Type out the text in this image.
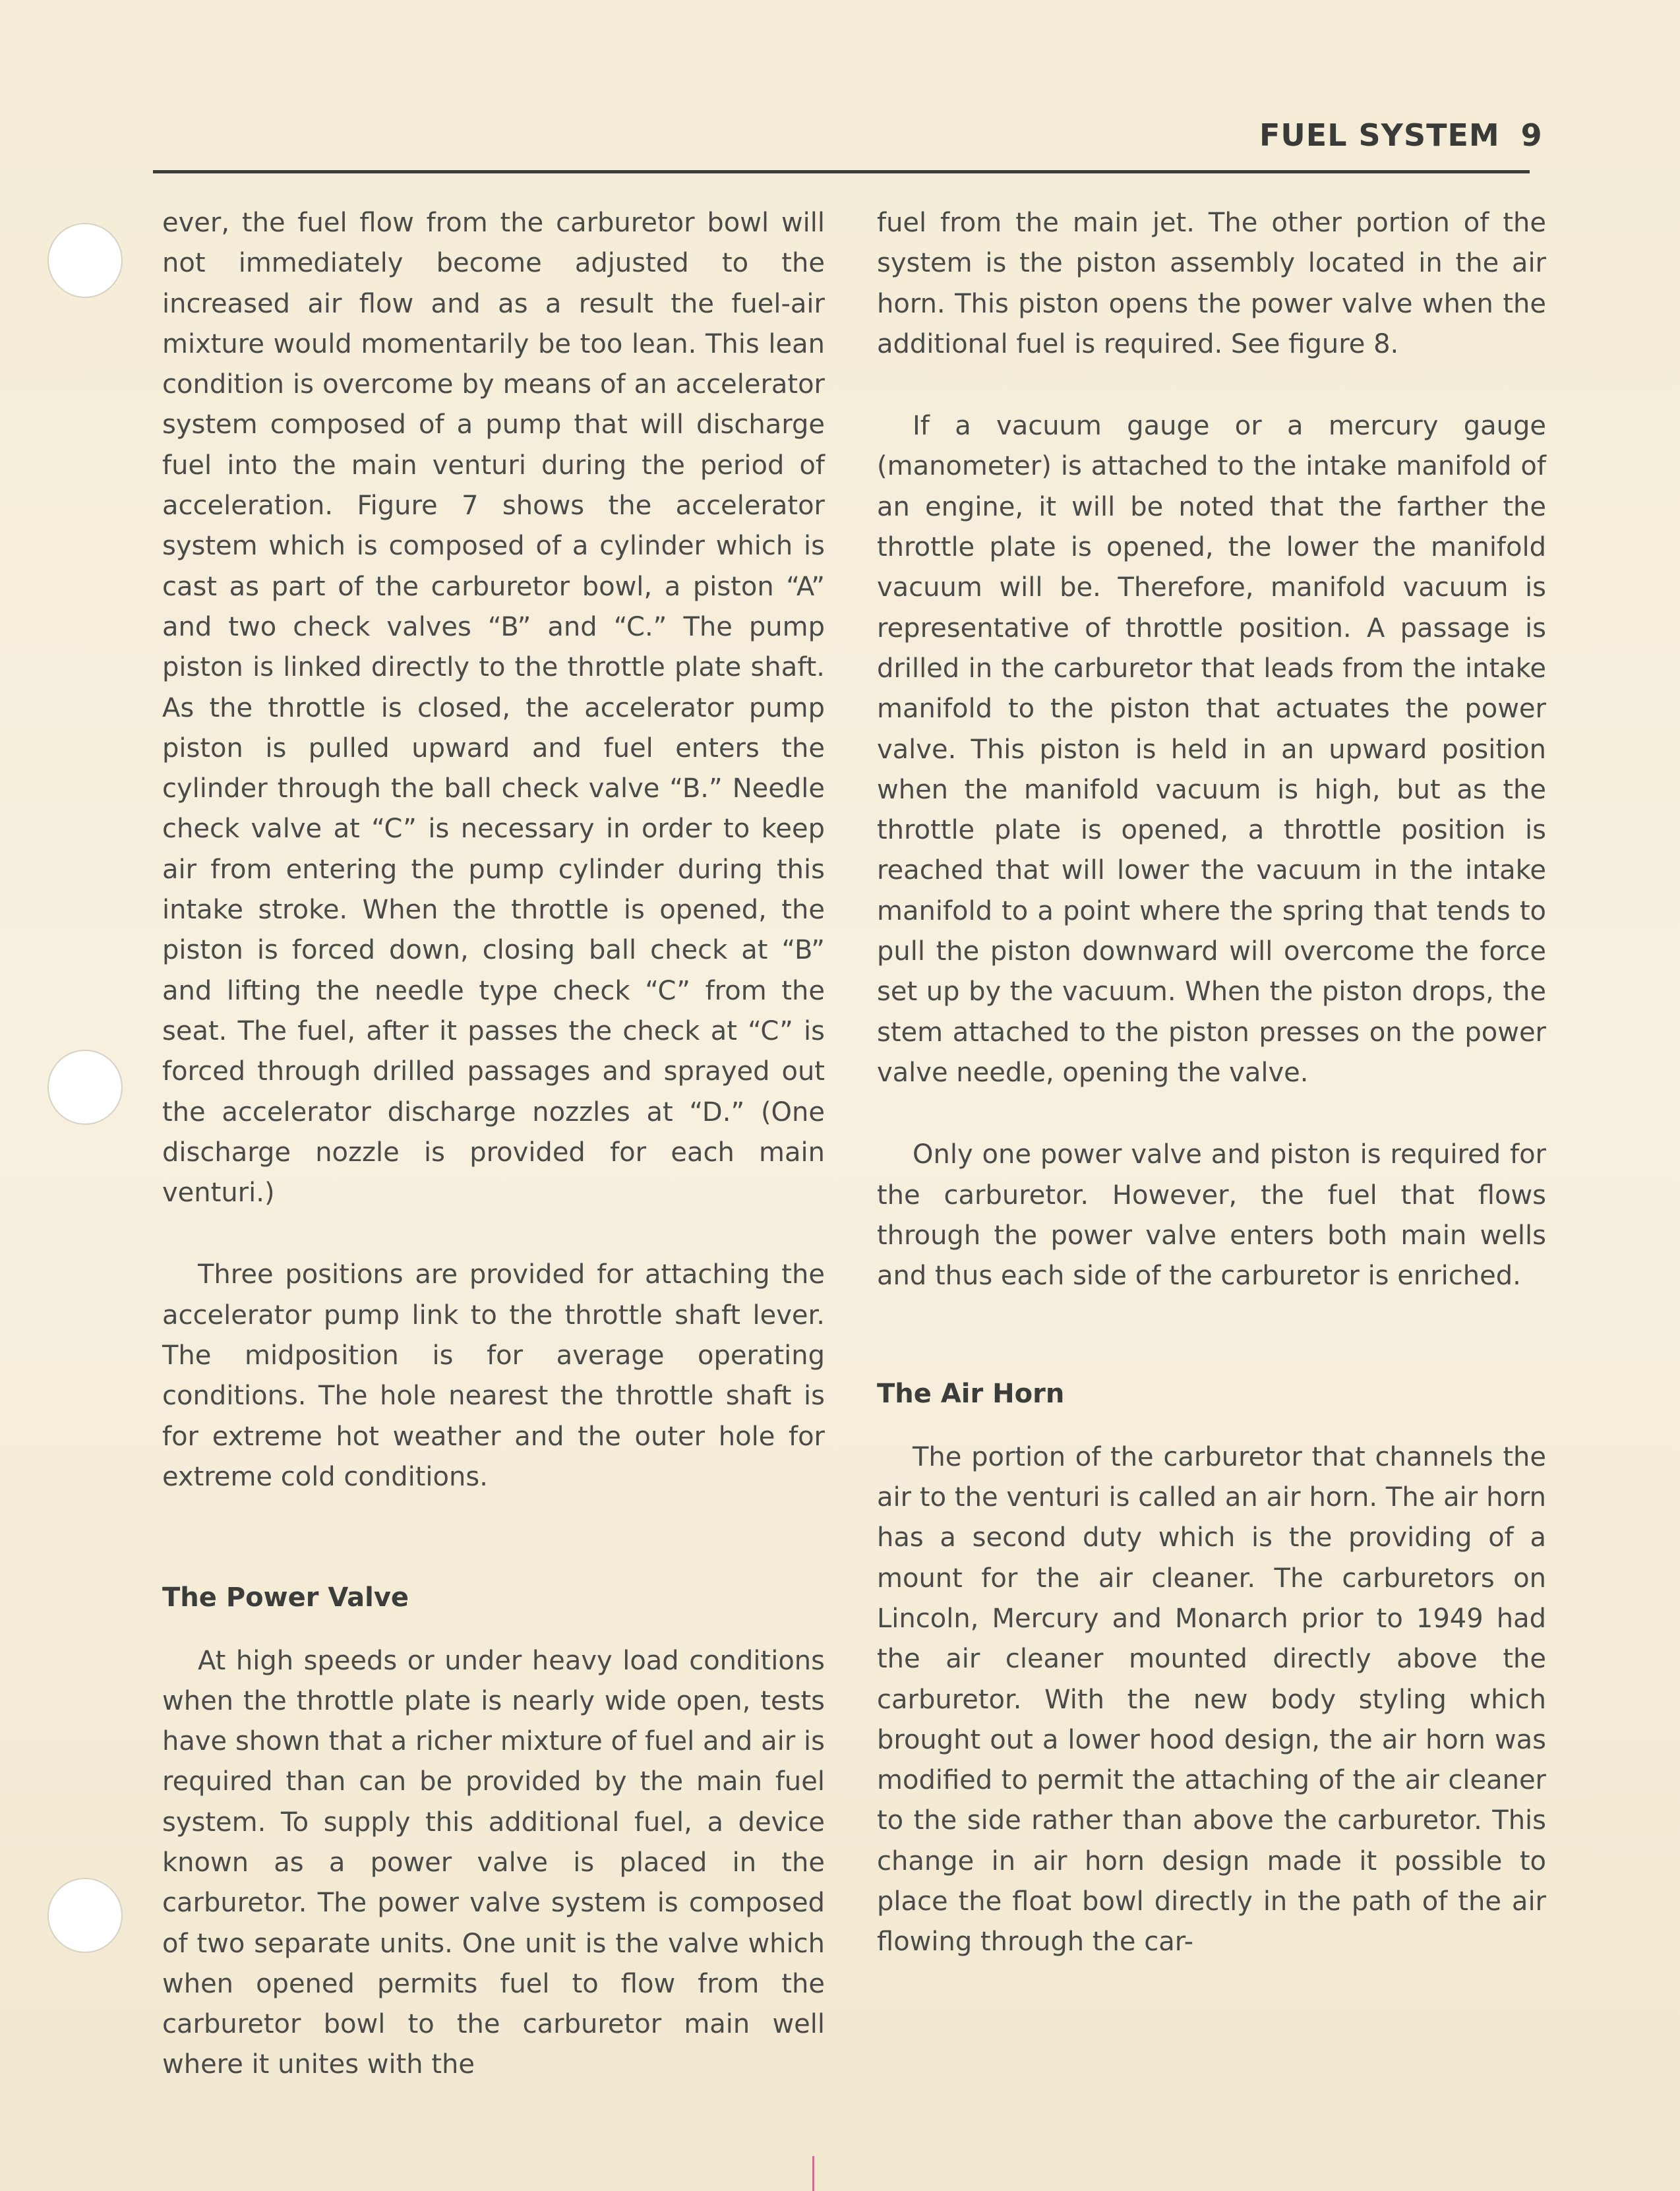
FUEL SYSTEM 9

ever, the fuel flow from the carburetor bowl will not immediately become adjusted to the increased air flow and as a result the fuel-air mixture would momentarily be too lean. This lean condition is overcome by means of an accelerator system composed of a pump that will discharge fuel into the main venturi during the period of acceleration. Figure 7 shows the accelerator system which is composed of a cylinder which is cast as part of the carburetor bowl, a piston “A” and two check valves “B” and “C.” The pump piston is linked directly to the throttle plate shaft. As the throttle is closed, the accelerator pump piston is pulled upward and fuel enters the cylinder through the ball check valve “B.” Needle check valve at “C” is necessary in order to keep air from entering the pump cylinder during this intake stroke. When the throttle is opened, the piston is forced down, closing ball check at “B” and lifting the needle type check “C” from the seat. The fuel, after it passes the check at “C” is forced through drilled passages and sprayed out the accelerator discharge nozzles at “D.” (One discharge nozzle is provided for each main venturi.)

Three positions are provided for attaching the accelerator pump link to the throttle shaft lever. The midposition is for average operating conditions. The hole nearest the throttle shaft is for extreme hot weather and the outer hole for extreme cold conditions.

The Power Valve

At high speeds or under heavy load conditions when the throttle plate is nearly wide open, tests have shown that a richer mixture of fuel and air is required than can be provided by the main fuel system. To supply this additional fuel, a device known as a power valve is placed in the carburetor. The power valve system is composed of two separate units. One unit is the valve which when opened permits fuel to flow from the carburetor bowl to the carburetor main well where it unites with the

fuel from the main jet. The other portion of the system is the piston assembly located in the air horn. This piston opens the power valve when the additional fuel is required. See figure 8.

If a vacuum gauge or a mercury gauge (manometer) is attached to the intake manifold of an engine, it will be noted that the farther the throttle plate is opened, the lower the manifold vacuum will be. Therefore, manifold vacuum is representative of throttle position. A passage is drilled in the carburetor that leads from the intake manifold to the piston that actuates the power valve. This piston is held in an upward position when the manifold vacuum is high, but as the throttle plate is opened, a throttle position is reached that will lower the vacuum in the intake manifold to a point where the spring that tends to pull the piston downward will overcome the force set up by the vacuum. When the piston drops, the stem attached to the piston presses on the power valve needle, opening the valve.

Only one power valve and piston is required for the carburetor. However, the fuel that flows through the power valve enters both main wells and thus each side of the carburetor is enriched.

The Air Horn

The portion of the carburetor that channels the air to the venturi is called an air horn. The air horn has a second duty which is the providing of a mount for the air cleaner. The carburetors on Lincoln, Mercury and Monarch prior to 1949 had the air cleaner mounted directly above the carburetor. With the new body styling which brought out a lower hood design, the air horn was modified to permit the attaching of the air cleaner to the side rather than above the carburetor. This change in air horn design made it possible to place the float bowl directly in the path of the air flowing through the car-
